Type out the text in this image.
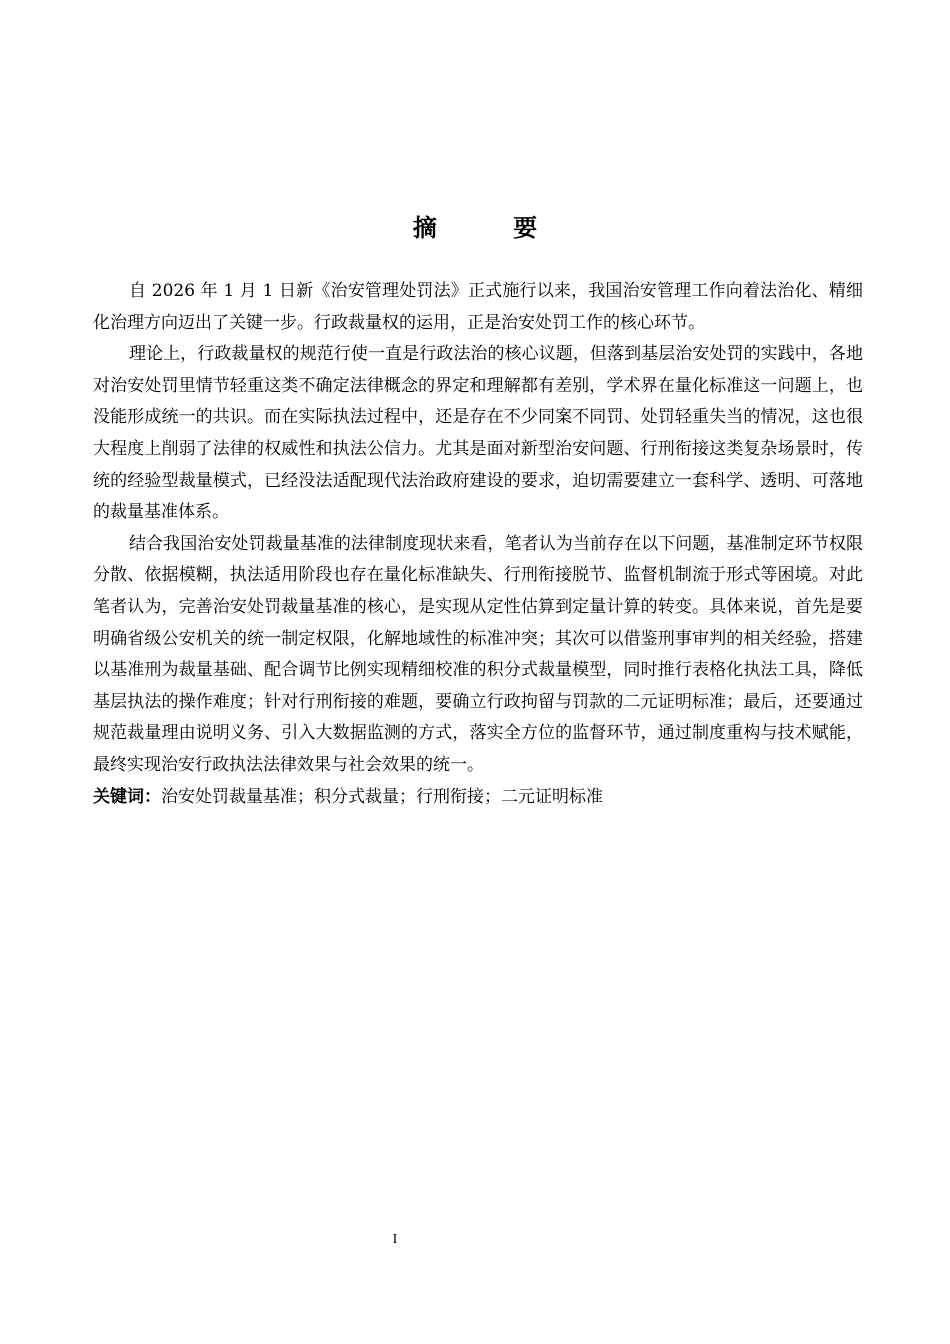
摘 要

自 2026 年 1 月 1 日新《治安管理处罚法》正式施行以来，我国治安管理工作向着法治化、精细化治理方向迈出了关键一步。行政裁量权的运用，正是治安处罚工作的核心环节。

理论上，行政裁量权的规范行使一直是行政法治的核心议题，但落到基层治安处罚的实践中，各地对治安处罚里情节轻重这类不确定法律概念的界定和理解都有差别，学术界在量化标准这一问题上，也没能形成统一的共识。而在实际执法过程中，还是存在不少同案不同罚、处罚轻重失当的情况，这也很大程度上削弱了法律的权威性和执法公信力。尤其是面对新型治安问题、行刑衔接这类复杂场景时，传统的经验型裁量模式，已经没法适配现代法治政府建设的要求，迫切需要建立一套科学、透明、可落地的裁量基准体系。

结合我国治安处罚裁量基准的法律制度现状来看，笔者认为当前存在以下问题，基准制定环节权限分散、依据模糊，执法适用阶段也存在量化标准缺失、行刑衔接脱节、监督机制流于形式等困境。对此笔者认为，完善治安处罚裁量基准的核心，是实现从定性估算到定量计算的转变。具体来说，首先是要明确省级公安机关的统一制定权限，化解地域性的标准冲突；其次可以借鉴刑事审判的相关经验，搭建以基准刑为裁量基础、配合调节比例实现精细校准的积分式裁量模型，同时推行表格化执法工具，降低基层执法的操作难度；针对行刑衔接的难题，要确立行政拘留与罚款的二元证明标准；最后，还要通过规范裁量理由说明义务、引入大数据监测的方式，落实全方位的监督环节，通过制度重构与技术赋能，最终实现治安行政执法法律效果与社会效果的统一。

关键词：治安处罚裁量基准；积分式裁量；行刑衔接；二元证明标准

I
